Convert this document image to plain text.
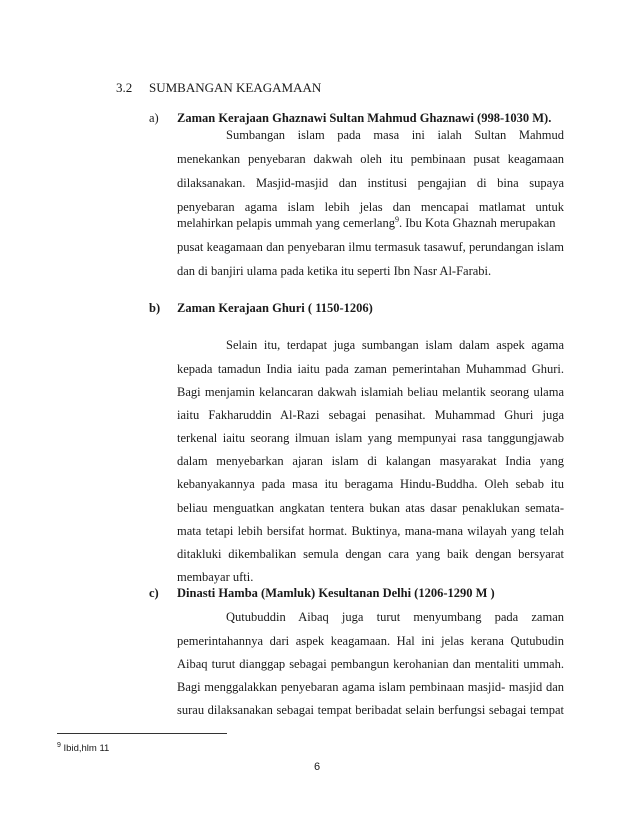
3.2 SUMBANGAN KEAGAMAAN
a) Zaman Kerajaan Ghaznawi Sultan Mahmud Ghaznawi (998-1030 M).
Sumbangan islam pada masa ini ialah Sultan Mahmud
menekankan penyebaran dakwah oleh itu pembinaan pusat keagamaan
dilaksanakan. Masjid-masjid dan institusi pengajian di bina supaya
penyebaran agama islam lebih jelas dan mencapai matlamat untuk
melahirkan pelapis ummah yang cemerlang$^9$. Ibu Kota Ghaznah merupakan
pusat keagamaan dan penyebaran ilmu termasuk tasawuf, perundangan islam
dan di banjiri ulama pada ketika itu seperti Ibn Nasr Al-Farabi.
b) Zaman Kerajaan Ghuri ( 1150-1206)
Selain itu, terdapat juga sumbangan islam dalam aspek agama
kepada tamadun India iaitu pada zaman pemerintahan Muhammad Ghuri.
Bagi menjamin kelancaran dakwah islamiah beliau melantik seorang ulama
iaitu Fakharuddin Al-Razi sebagai penasihat. Muhammad Ghuri juga
terkenal iaitu seorang ilmuan islam yang mempunyai rasa tanggungjawab
dalam menyebarkan ajaran islam di kalangan masyarakat India yang
kebanyakannya pada masa itu beragama Hindu-Buddha. Oleh sebab itu
beliau menguatkan angkatan tentera bukan atas dasar penaklukan semata-
mata tetapi lebih bersifat hormat. Buktinya, mana-mana wilayah yang telah
ditakluki dikembalikan semula dengan cara yang baik dengan bersyarat
membayar ufti.
c) Dinasti Hamba (Mamluk) Kesultanan Delhi (1206-1290 M )
Qutubuddin Aibaq juga turut menyumbang pada zaman
pemerintahannya dari aspek keagamaan. Hal ini jelas kerana Qutubudin
Aibaq turut dianggap sebagai pembangun kerohanian dan mentaliti ummah.
Bagi menggalakkan penyebaran agama islam pembinaan masjid- masjid dan
surau dilaksanakan sebagai tempat beribadat selain berfungsi sebagai tempat
$^9$ Ibid,hlm 11
6
